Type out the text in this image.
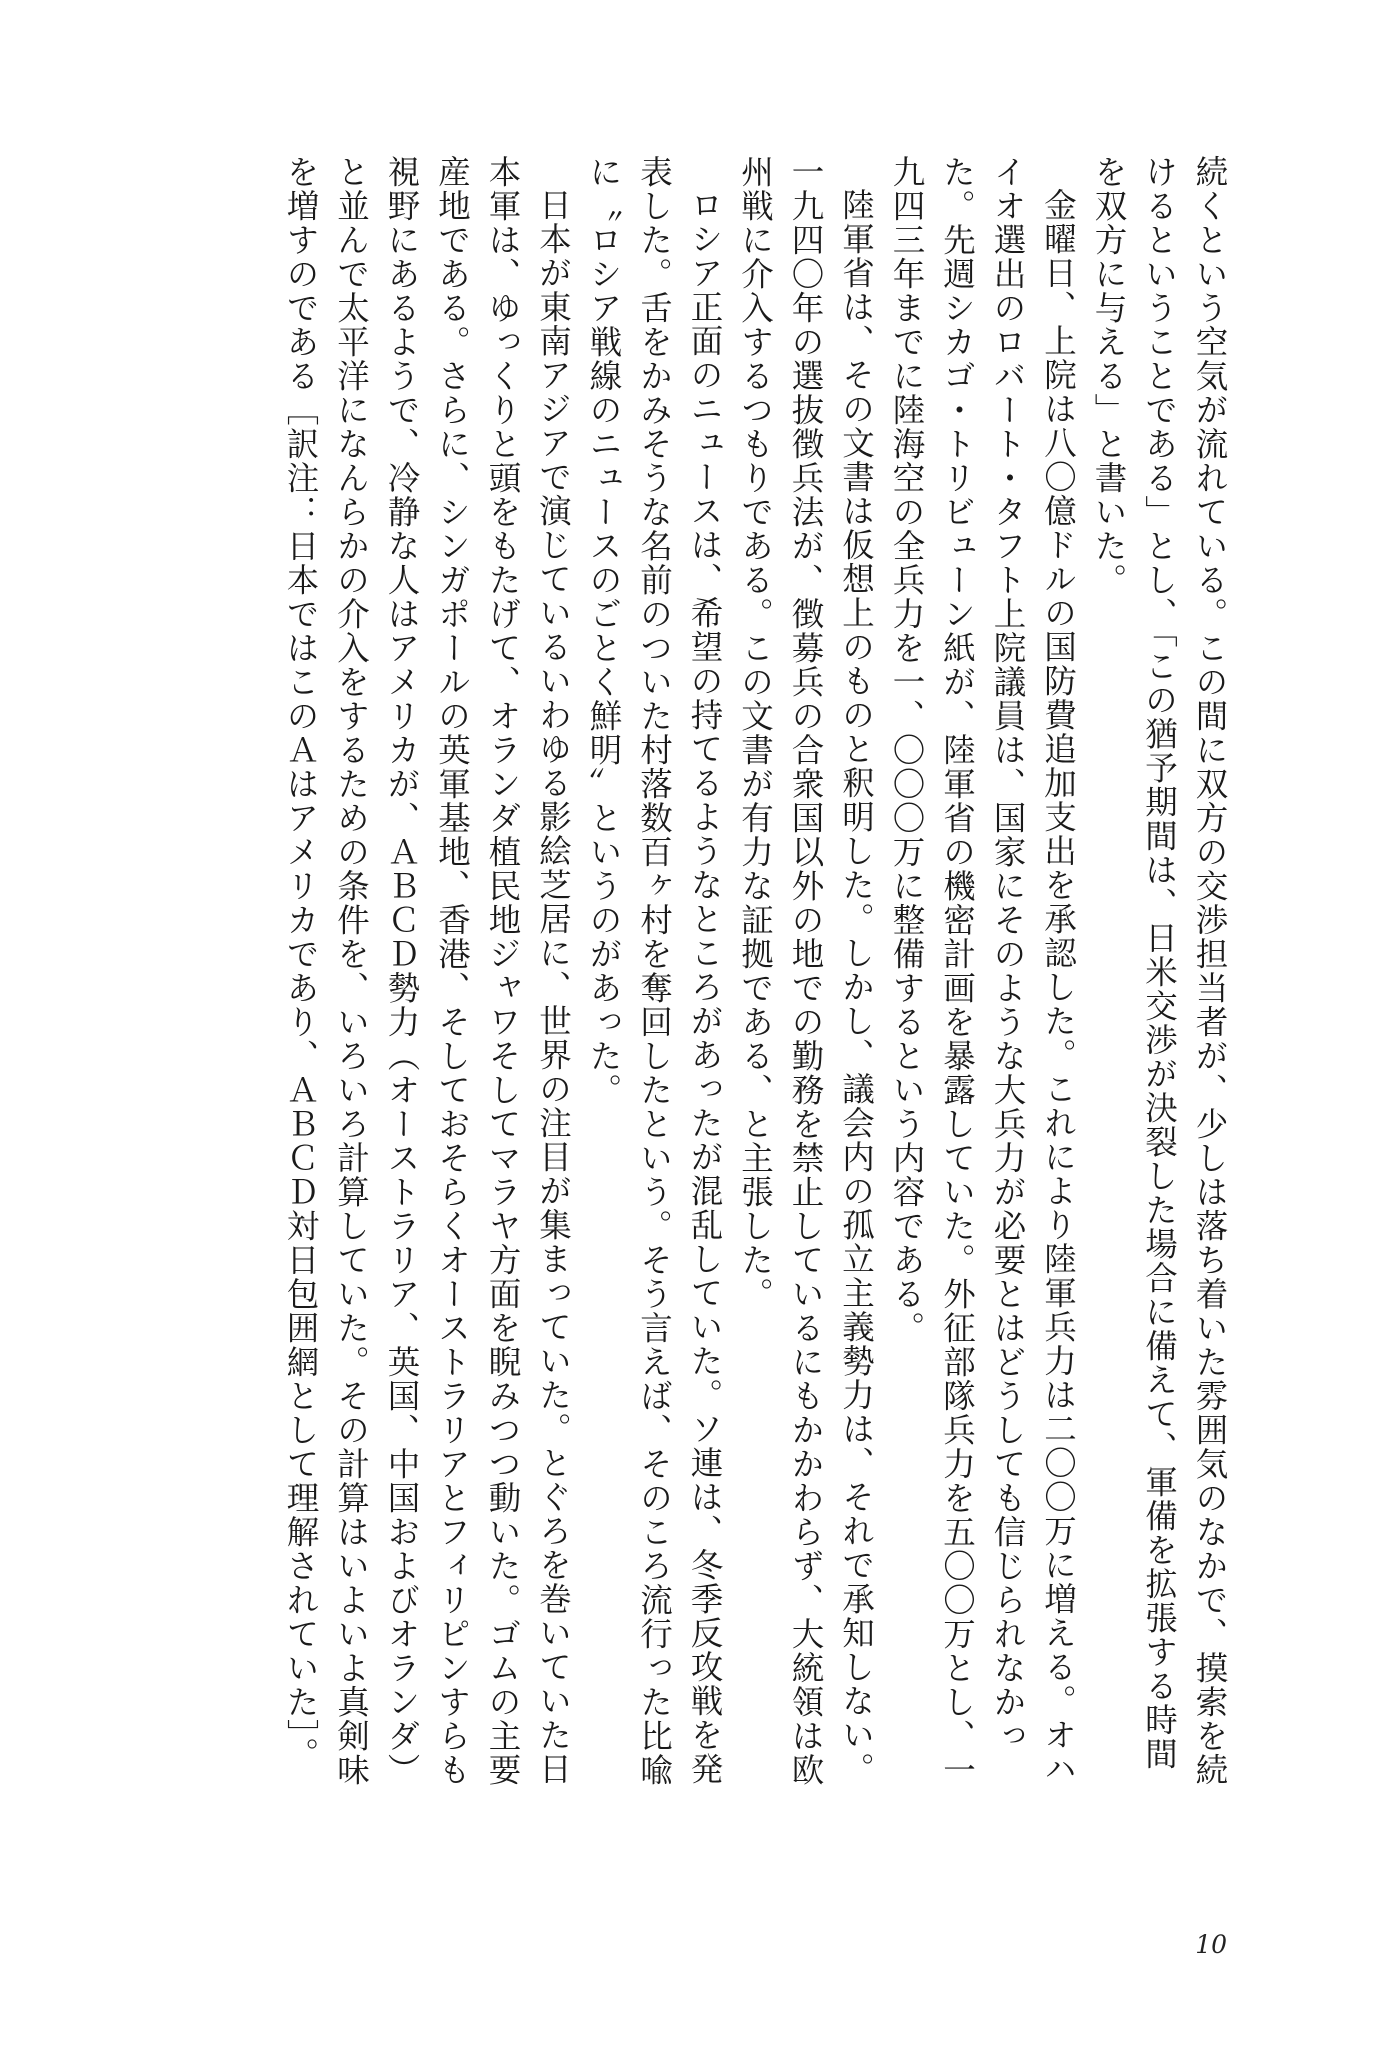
続くという空気が流れている。この間に双方の交渉担当者が、少しは落ち着いた雰囲気のなかで、摸索を続けるということである」とし、「この猶予期間は、日米交渉が決裂した場合に備えて、軍備を拡張する時間を双方に与える」と書いた。

金曜日、上院は八〇億ドルの国防費追加支出を承認した。これにより陸軍兵力は二〇〇万に増える。オハイオ選出のロバート・タフト上院議員は、国家にそのような大兵力が必要とはどうしても信じられなかった。先週シカゴ・トリビューン紙が、陸軍省の機密計画を暴露していた。外征部隊兵力を五〇〇万とし、一九四三年までに陸海空の全兵力を一、〇〇〇万に整備するという内容である。

陸軍省は、その文書は仮想上のものと釈明した。しかし、議会内の孤立主義勢力は、それで承知しない。一九四〇年の選抜徴兵法が、徴募兵の合衆国以外の地での勤務を禁止しているにもかかわらず、大統領は欧州戦に介入するつもりである。この文書が有力な証拠である、と主張した。

ロシア正面のニュースは、希望の持てるようなところがあったが混乱していた。ソ連は、冬季反攻戦を発表した。舌をかみそうな名前のついた村落数百ヶ村を奪回したという。そう言えば、そのころ流行った比喩に〝ロシア戦線のニュースのごとく鮮明〟というのがあった。

日本が東南アジアで演じているいわゆる影絵芝居に、世界の注目が集まっていた。とぐろを巻いていた日本軍は、ゆっくりと頭をもたげて、オランダ植民地ジャワそしてマラヤ方面を睨みつつ動いた。ゴムの主要産地である。さらに、シンガポールの英軍基地、香港、そしておそらくオーストラリアとフィリピンすらも視野にあるようで、冷静な人はアメリカが、ＡＢＣＤ勢力（オーストラリア、英国、中国およびオランダ）と並んで太平洋になんらかの介入をするための条件を、いろいろ計算していた。その計算はいよいよ真剣味を増すのである［訳注：日本ではこのＡはアメリカであり、ＡＢＣＤ対日包囲網として理解されていた］。

10
